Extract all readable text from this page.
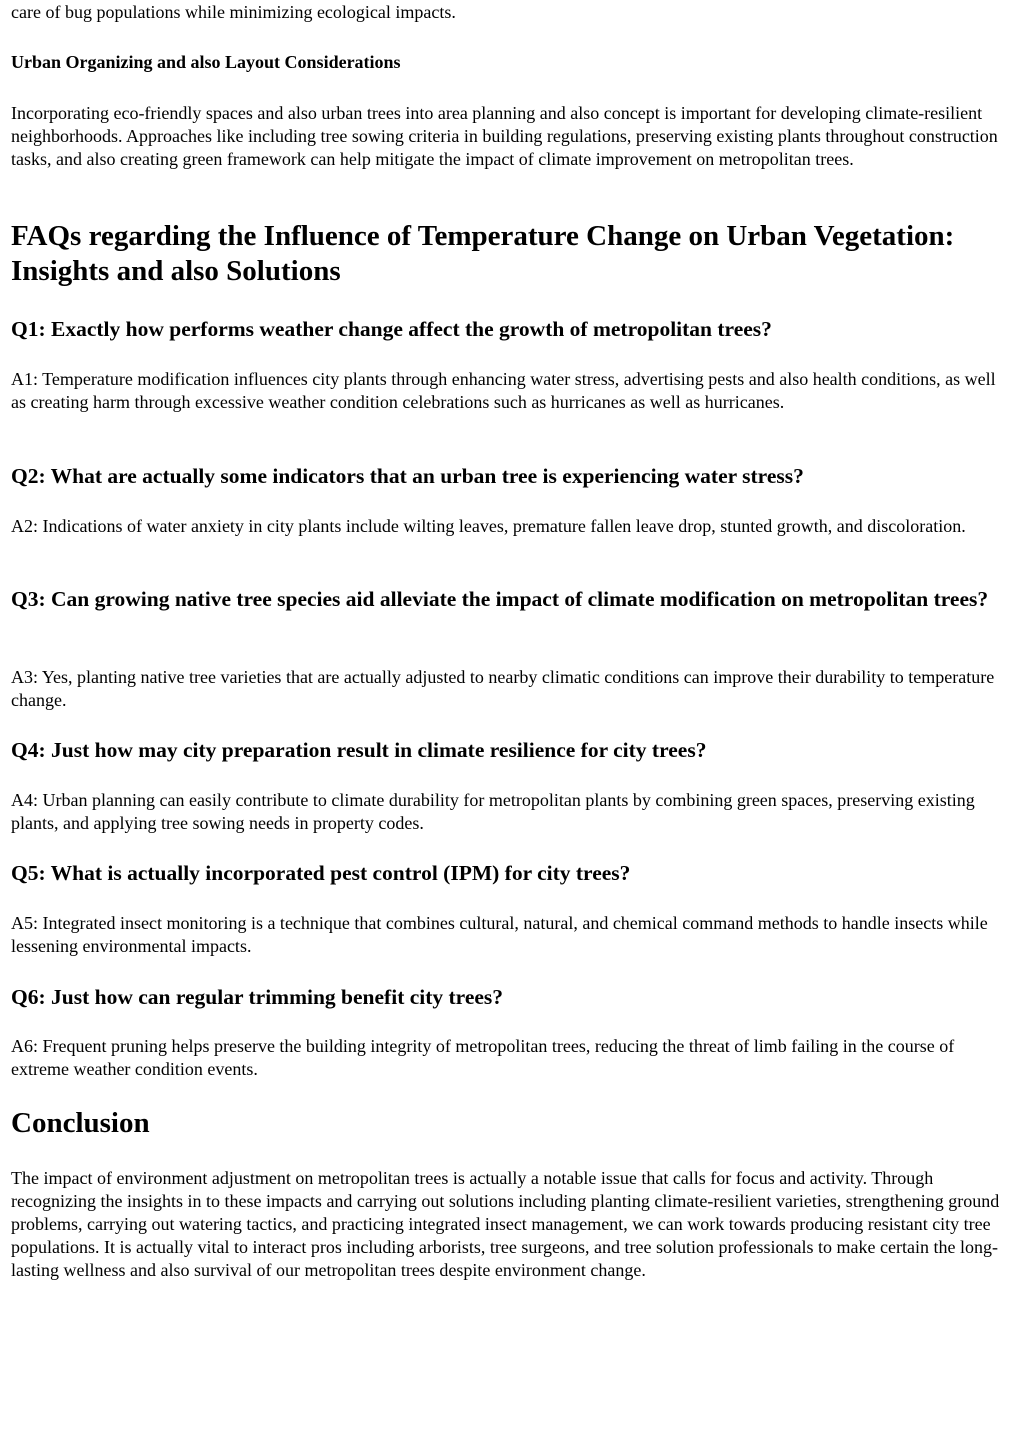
care of bug populations while minimizing ecological impacts.

Urban Organizing and also Layout Considerations

Incorporating eco-friendly spaces and also urban trees into area planning and also concept is important for developing climate-resilient neighborhoods. Approaches like including tree sowing criteria in building regulations, preserving existing plants throughout construction tasks, and also creating green framework can help mitigate the impact of climate improvement on metropolitan trees.

FAQs regarding the Influence of Temperature Change on Urban Vegetation: Insights and also Solutions
Q1: Exactly how performs weather change affect the growth of metropolitan trees?

A1: Temperature modification influences city plants through enhancing water stress, advertising pests and also health conditions, as well as creating harm through excessive weather condition celebrations such as hurricanes as well as hurricanes.

Q2: What are actually some indicators that an urban tree is experiencing water stress?

A2: Indications of water anxiety in city plants include wilting leaves, premature fallen leave drop, stunted growth, and discoloration.

Q3: Can growing native tree species aid alleviate the impact of climate modification on metropolitan trees?

A3: Yes, planting native tree varieties that are actually adjusted to nearby climatic conditions can improve their durability to temperature change.

Q4: Just how may city preparation result in climate resilience for city trees?

A4: Urban planning can easily contribute to climate durability for metropolitan plants by combining green spaces, preserving existing plants, and applying tree sowing needs in property codes.

Q5: What is actually incorporated pest control (IPM) for city trees?

A5: Integrated insect monitoring is a technique that combines cultural, natural, and chemical command methods to handle insects while lessening environmental impacts.

Q6: Just how can regular trimming benefit city trees?

A6: Frequent pruning helps preserve the building integrity of metropolitan trees, reducing the threat of limb failing in the course of extreme weather condition events.

Conclusion

The impact of environment adjustment on metropolitan trees is actually a notable issue that calls for focus and activity. Through recognizing the insights in to these impacts and carrying out solutions including planting climate-resilient varieties, strengthening ground problems, carrying out watering tactics, and practicing integrated insect management, we can work towards producing resistant city tree populations. It is actually vital to interact pros including arborists, tree surgeons, and tree solution professionals to make certain the long-lasting wellness and also survival of our metropolitan trees despite environment change.
